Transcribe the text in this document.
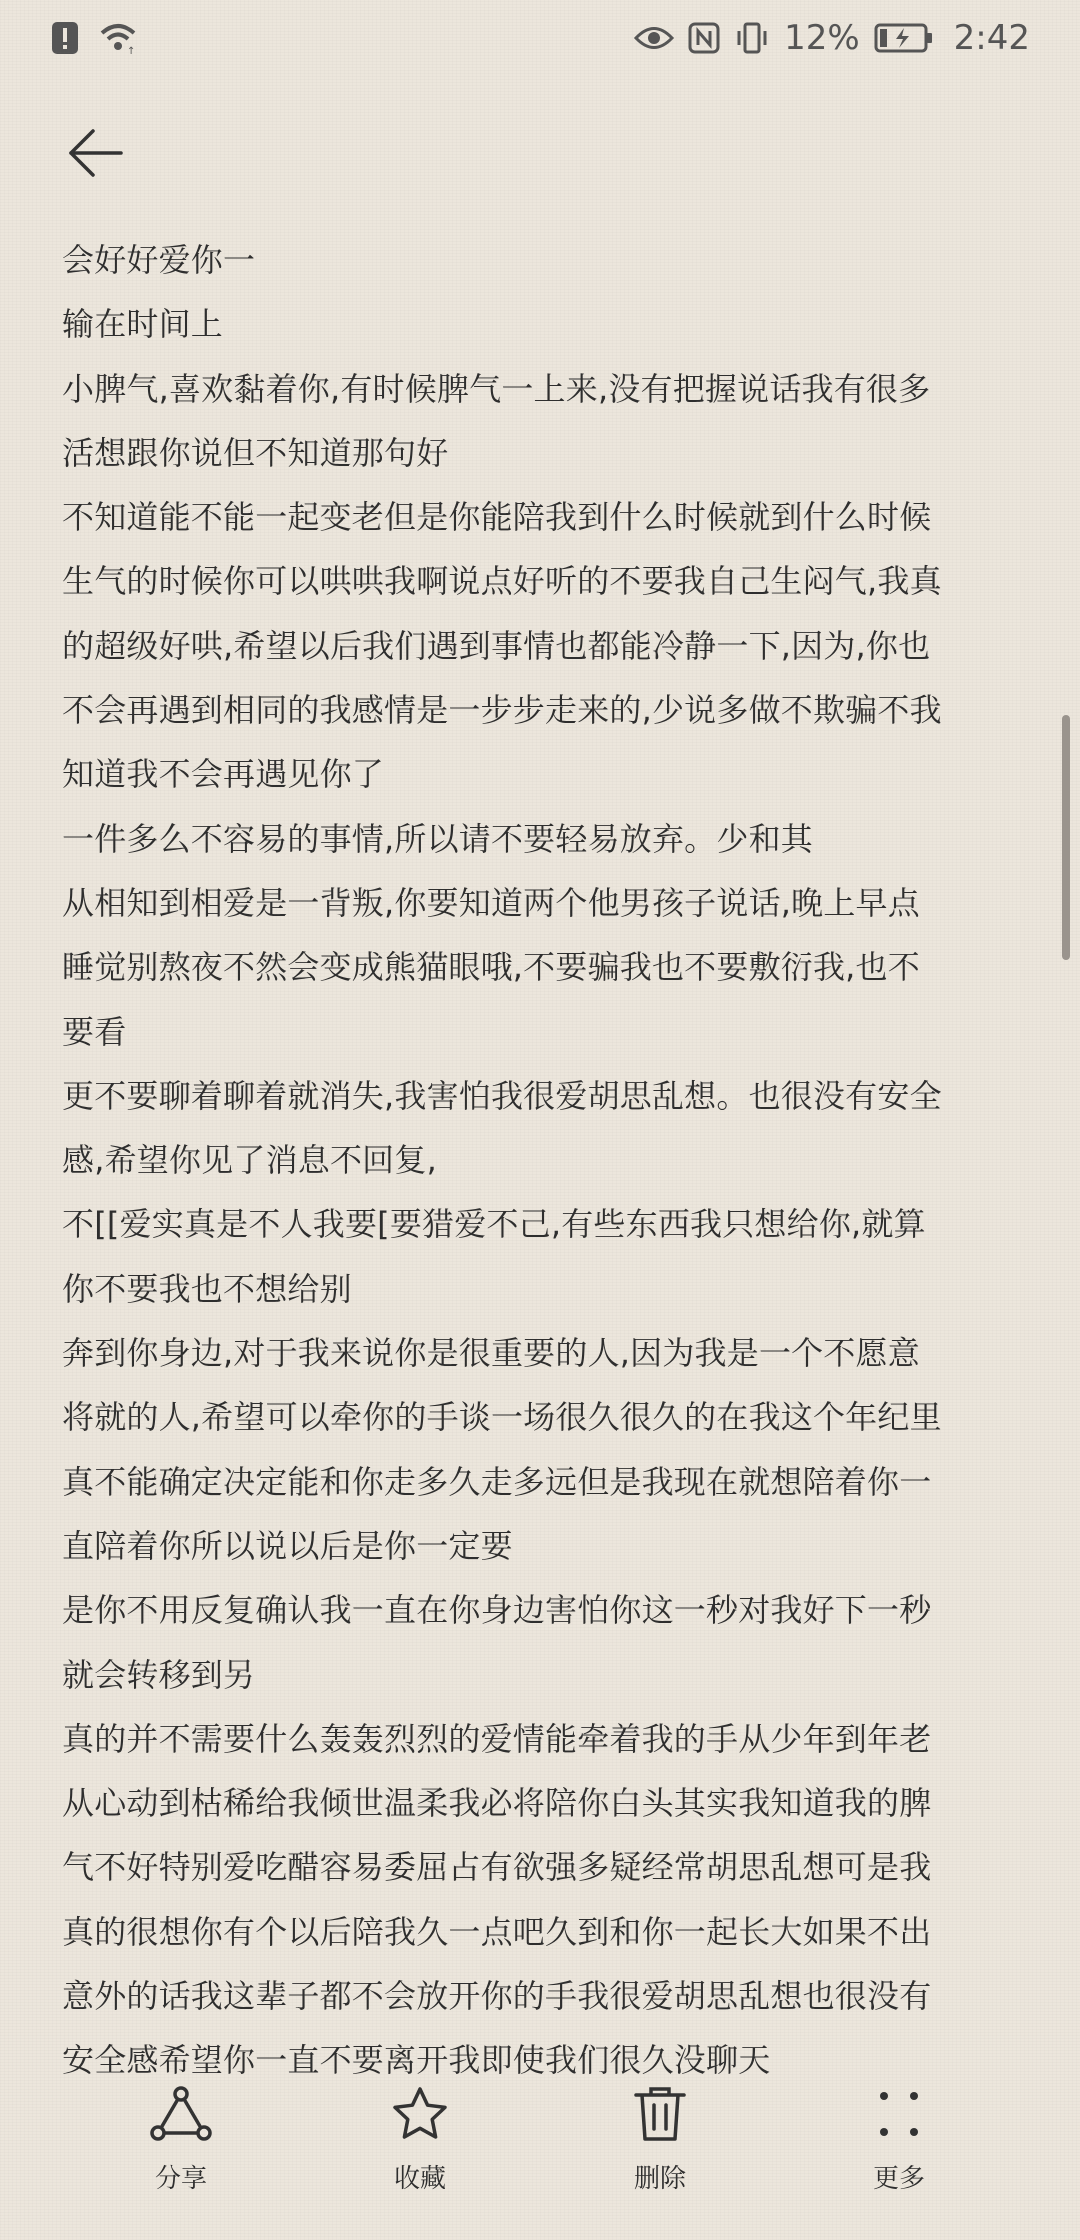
↑	12%	2:42
会好好爱你一
输在时间上
小脾气,喜欢黏着你,有时候脾气一上来,没有把握说话我有很多
活想跟你说但不知道那句好
不知道能不能一起变老但是你能陪我到什么时候就到什么时候
生气的时候你可以哄哄我啊说点好听的不要我自己生闷气,我真
的超级好哄,希望以后我们遇到事情也都能冷静一下,因为,你也
不会再遇到相同的我感情是一步步走来的,少说多做不欺骗不我
知道我不会再遇见你了
一件多么不容易的事情,所以请不要轻易放弃。少和其
从相知到相爱是一背叛,你要知道两个他男孩子说话,晚上早点
睡觉别熬夜不然会变成熊猫眼哦,不要骗我也不要敷衍我,也不
要看
更不要聊着聊着就消失,我害怕我很爱胡思乱想。也很没有安全
感,希望你见了消息不回复,
不[[爱实真是不人我要[要猎爱不己,有些东西我只想给你,就算
你不要我也不想给别
奔到你身边,对于我来说你是很重要的人,因为我是一个不愿意
将就的人,希望可以牵你的手谈一场很久很久的在我这个年纪里
真不能确定决定能和你走多久走多远但是我现在就想陪着你一
直陪着你所以说以后是你一定要
是你不用反复确认我一直在你身边害怕你这一秒对我好下一秒
就会转移到另
真的并不需要什么轰轰烈烈的爱情能牵着我的手从少年到年老
从心动到枯稀给我倾世温柔我必将陪你白头其实我知道我的脾
气不好特别爱吃醋容易委屈占有欲强多疑经常胡思乱想可是我
真的很想你有个以后陪我久一点吧久到和你一起长大如果不出
意外的话我这辈子都不会放开你的手我很爱胡思乱想也很没有
安全感希望你一直不要离开我即使我们很久没聊天
分享	收藏	删除	更多
